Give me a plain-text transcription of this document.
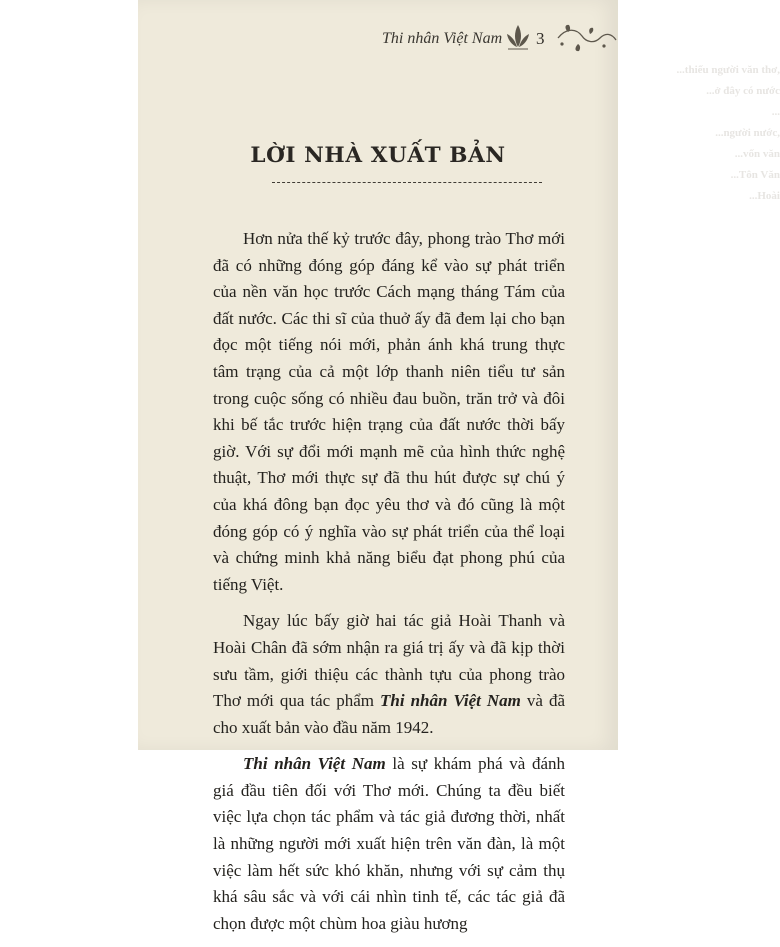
...thiếu người văn thơ,
...ở đây có nước
...
...người nước,
...vốn văn
...Tôn Văn
...Hoài
Thi nhân Việt Nam 3
LỜI NHÀ XUẤT BẢN

Hơn nửa thế kỷ trước đây, phong trào Thơ mới đã có những đóng góp đáng kể vào sự phát triển của nền văn học trước Cách mạng tháng Tám của đất nước. Các thi sĩ của thuở ấy đã đem lại cho bạn đọc một tiếng nói mới, phản ánh khá trung thực tâm trạng của cả một lớp thanh niên tiểu tư sản trong cuộc sống có nhiều đau buồn, trăn trở và đôi khi bế tắc trước hiện trạng của đất nước thời bấy giờ. Với sự đổi mới mạnh mẽ của hình thức nghệ thuật, Thơ mới thực sự đã thu hút được sự chú ý của khá đông bạn đọc yêu thơ và đó cũng là một đóng góp có ý nghĩa vào sự phát triển của thể loại và chứng minh khả năng biểu đạt phong phú của tiếng Việt.

Ngay lúc bấy giờ hai tác giả Hoài Thanh và Hoài Chân đã sớm nhận ra giá trị ấy và đã kịp thời sưu tầm, giới thiệu các thành tựu của phong trào Thơ mới qua tác phẩm Thi nhân Việt Nam và đã cho xuất bản vào đầu năm 1942.

Thi nhân Việt Nam là sự khám phá và đánh giá đầu tiên đối với Thơ mới. Chúng ta đều biết việc lựa chọn tác phẩm và tác giả đương thời, nhất là những người mới xuất hiện trên văn đàn, là một việc làm hết sức khó khăn, nhưng với sự cảm thụ khá sâu sắc và với cái nhìn tinh tế, các tác giả đã chọn được một chùm hoa giàu hương
